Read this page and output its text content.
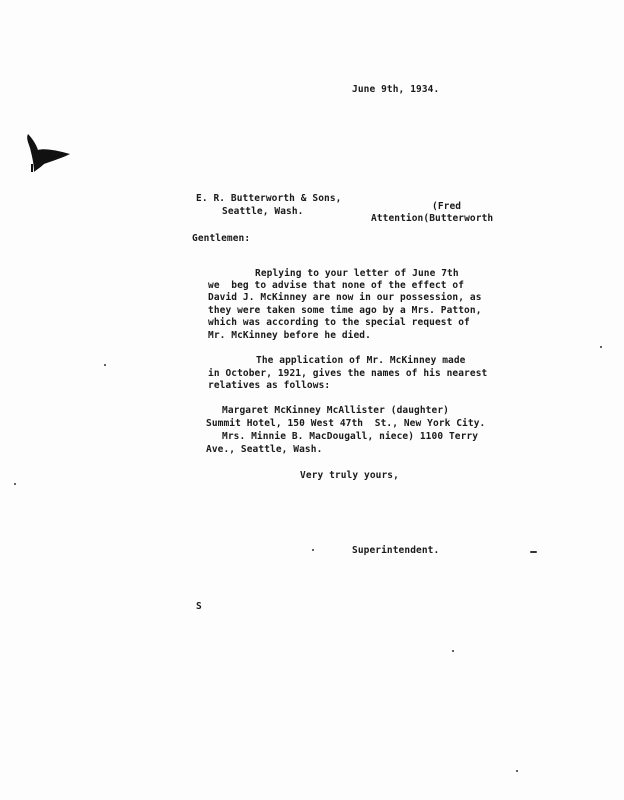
June 9th, 1934.
E. R. Butterworth & Sons,
Seattle, Wash.	(Fred
Attention(Butterworth
Gentlemen:
Replying to your letter of June 7th
we  beg to advise that none of the effect of
David J. McKinney are now in our possession, as
they were taken some time ago by a Mrs. Patton,
which was according to the special request of
Mr. McKinney before he died.
The application of Mr. McKinney made
in October, 1921, gives the names of his nearest
relatives as follows:
Margaret McKinney McAllister (daughter)
Summit Hotel, 150 West 47th  St., New York City.
Mrs. Minnie B. MacDougall, niece) 1100 Terry
Ave., Seattle, Wash.
Very truly yours,
Superintendent.
S
